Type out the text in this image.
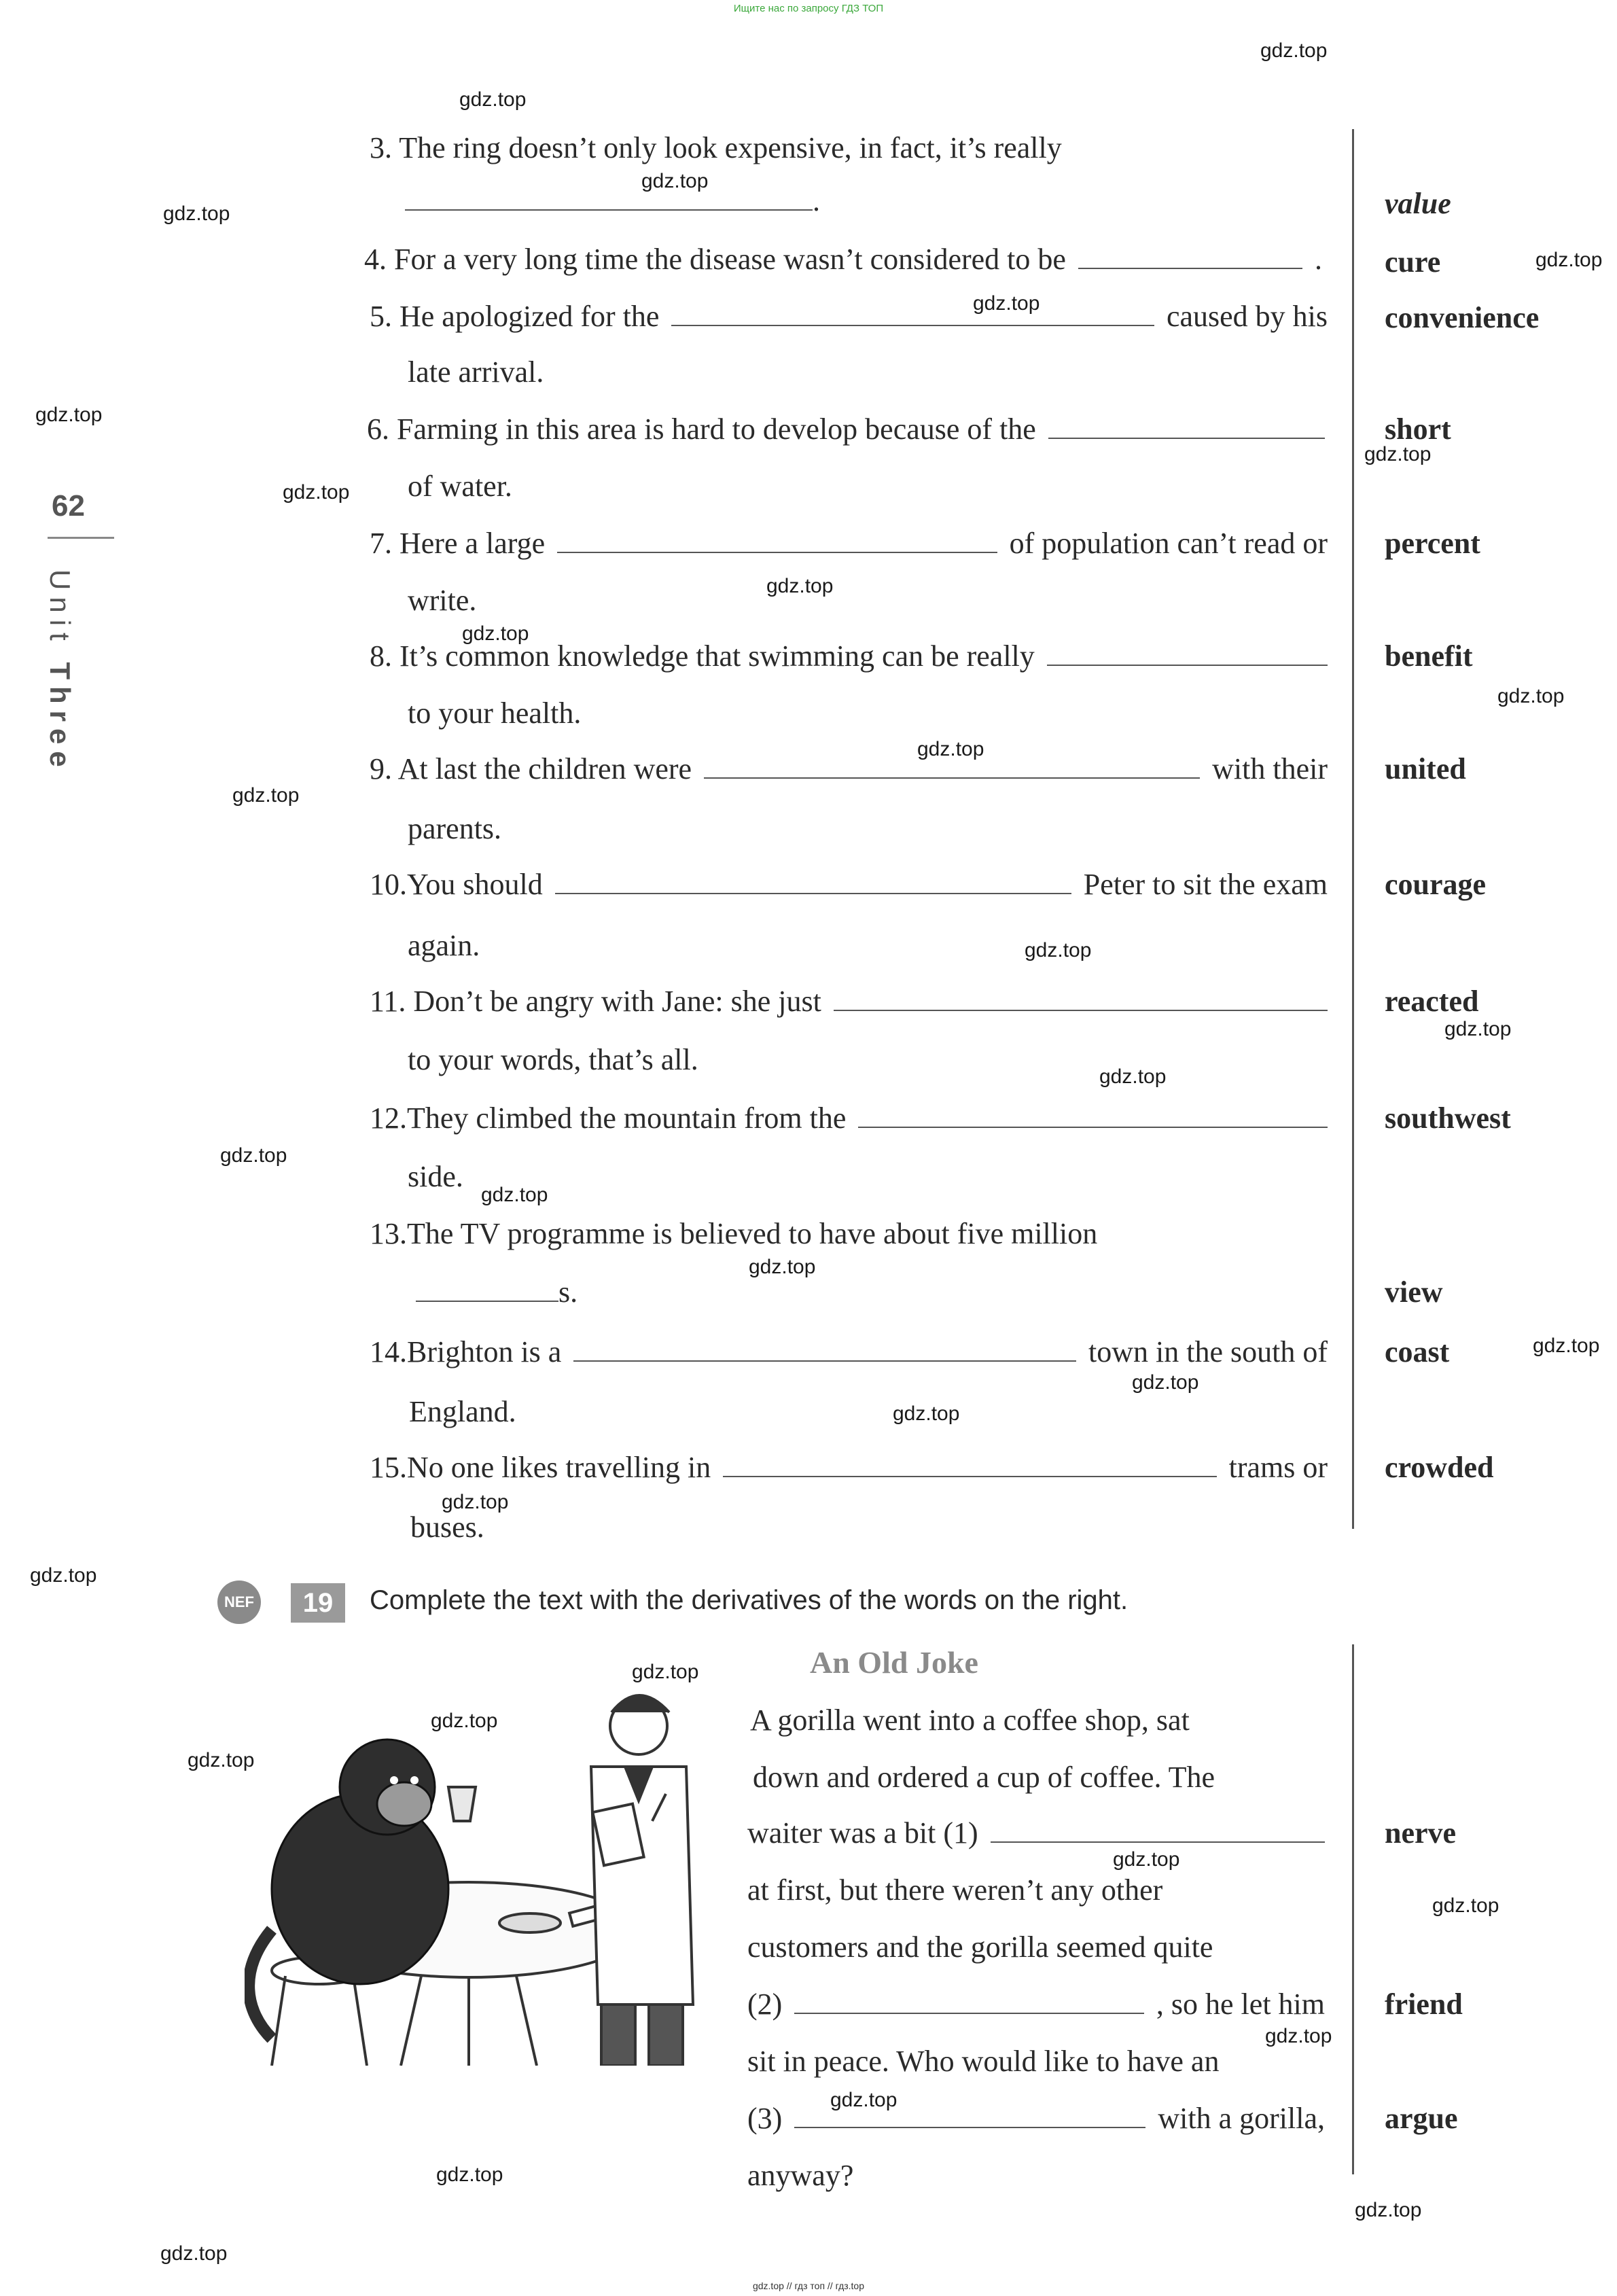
Ищите нас по запросу ГДЗ ТОП
62
Unit Three
3. The ring doesn’t only look expensive, in fact, it’s really
.	value
4. For a very long time the disease wasn’t considered to be	. cure
5. He apologized for the	caused by his
late arrival.
convenience
6. Farming in this area is hard to develop because of the
of water.
short
7. Here a large	of population can’t read or
write.
percent
8. It’s common knowledge that swimming can be really
to your health.
benefit
9. At last the children were	with their
parents.
united
10.You should	Peter to sit the exam
again.
courage
11. Don’t be angry with Jane: she just
to your words, that’s all.
reacted
12.They climbed the mountain from the
side.
southwest
13.The TV programme is believed to have about five million
s.	view
14.Brighton is a	town in the south of
England.
coast
15.No one likes travelling in	trams or
buses.
crowded
NEF	19	Complete the text with the derivatives of the words on the right.
An Old Joke
A gorilla went into a coffee shop, sat
down and ordered a cup of coffee. The
waiter was a bit (1)	nerve
at first, but there weren’t any other
customers and the gorilla seemed quite
(2)	, so he let him friend
sit in peace. Who would like to have an
(3)	with a gorilla, argue
anyway?
gdz.top
gdz.top
gdz.top
gdz.top
gdz.top
gdz.top
gdz.top
gdz.top
gdz.top
gdz.top
gdz.top
gdz.top
gdz.top
gdz.top
gdz.top
gdz.top
gdz.top
gdz.top
gdz.top
gdz.top
gdz.top
gdz.top
gdz.top
gdz.top
gdz.top
gdz.top
gdz.top
gdz.top
gdz.top
gdz.top
gdz.top
gdz.top
gdz.top
gdz.top
gdz.top
gdz.top // гдз топ // гдз.top
